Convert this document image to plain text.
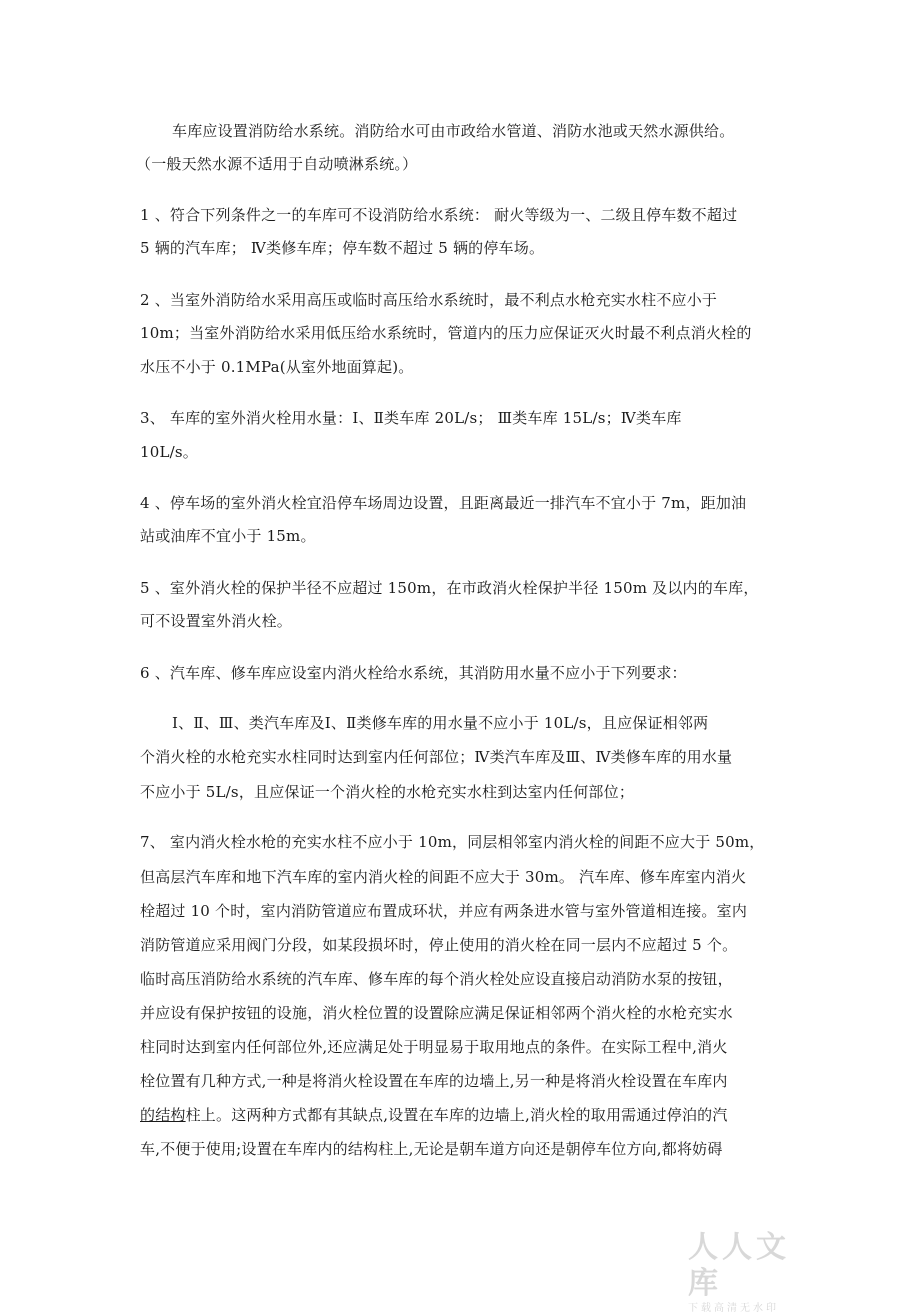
车库应设置消防给水系统。消防给水可由市政给水管道、消防水池或天然水源供给。
（一般天然水源不适用于自动喷淋系统。）
1 、符合下列条件之一的车库可不设消防给水系统： 耐火等级为一、二级且停车数不超过
5 辆的汽车库； Ⅳ类修车库；停车数不超过 5 辆的停车场。
2 、当室外消防给水采用高压或临时高压给水系统时，最不利点水枪充实水柱不应小于
10m；当室外消防给水采用低压给水系统时，管道内的压力应保证灭火时最不利点消火栓的
水压不小于 0.1MPa(从室外地面算起)。
3、 车库的室外消火栓用水量：Ⅰ、Ⅱ类车库 20L/s； Ⅲ类车库 15L/s；Ⅳ类车库
10L/s。
4 、停车场的室外消火栓宜沿停车场周边设置，且距离最近一排汽车不宜小于 7m，距加油
站或油库不宜小于 15m。
5 、室外消火栓的保护半径不应超过 150m，在市政消火栓保护半径 150m 及以内的车库，
可不设置室外消火栓。
6 、汽车库、修车库应设室内消火栓给水系统，其消防用水量不应小于下列要求：
Ⅰ、Ⅱ、Ⅲ、类汽车库及Ⅰ、Ⅱ类修车库的用水量不应小于 10L/s，且应保证相邻两
个消火栓的水枪充实水柱同时达到室内任何部位；Ⅳ类汽车库及Ⅲ、Ⅳ类修车库的用水量
不应小于 5L/s，且应保证一个消火栓的水枪充实水柱到达室内任何部位；
7、 室内消火栓水枪的充实水柱不应小于 10m，同层相邻室内消火栓的间距不应大于 50m，
但高层汽车库和地下汽车库的室内消火栓的间距不应大于 30m。 汽车库、修车库室内消火
栓超过 10 个时，室内消防管道应布置成环状，并应有两条进水管与室外管道相连接。室内
消防管道应采用阀门分段，如某段损坏时，停止使用的消火栓在同一层内不应超过 5 个。
临时高压消防给水系统的汽车库、修车库的每个消火栓处应设直接启动消防水泵的按钮，
并应设有保护按钮的设施，消火栓位置的设置除应满足保证相邻两个消火栓的水枪充实水
柱同时达到室内任何部位外,还应满足处于明显易于取用地点的条件。在实际工程中,消火
栓位置有几种方式,一种是将消火栓设置在车库的边墙上,另一种是将消火栓设置在车库内
的结构柱上。这两种方式都有其缺点,设置在车库的边墙上,消火栓的取用需通过停泊的汽
车,不便于使用;设置在车库内的结构柱上,无论是朝车道方向还是朝停车位方向,都将妨碍
人人文库
下载高清无水印
